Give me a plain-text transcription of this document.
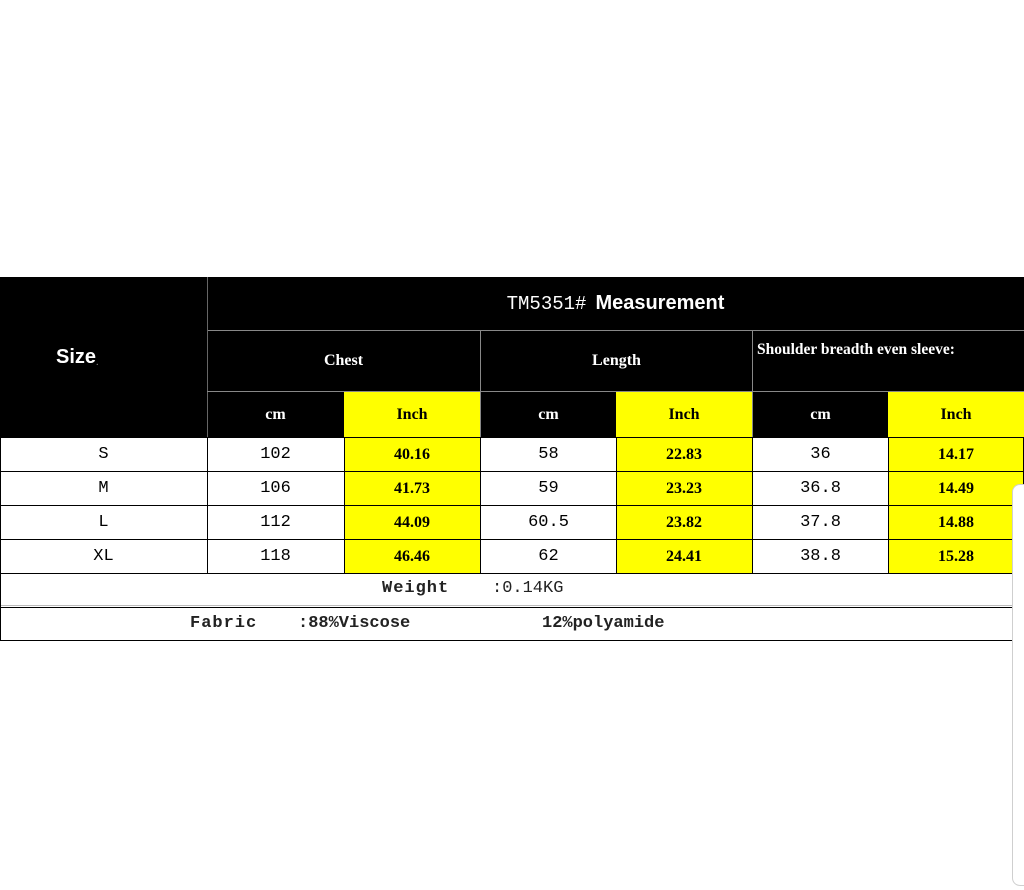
Size .
TM5351# Measurement
Chest	Length
Shoulder breadth even sleeve:
cm	Inch	cm	Inch	cm	Inch
S	102	40.16	58	22.83	36	14.17
M	106	41.73	59	23.23	36.8	14.49
L	112	44.09	60.5	23.82	37.8	14.88
XL	118	46.46	62	24.41	38.8	15.28
Weight	:0.14KG
Fabric :88%Viscose	12%polyamide
